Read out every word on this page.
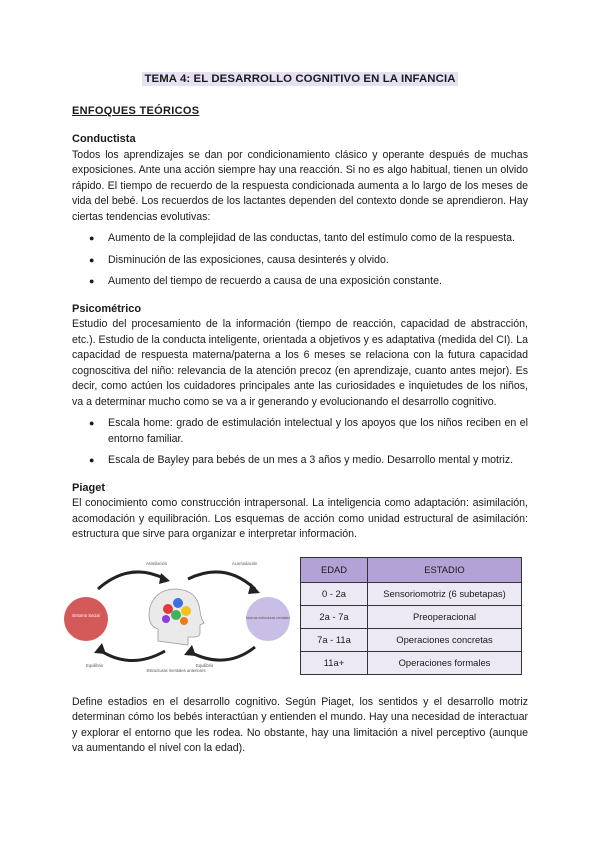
TEMA 4: EL DESARROLLO COGNITIVO EN LA INFANCIA
ENFOQUES TEÓRICOS
Conductista

Todos los aprendizajes se dan por condicionamiento clásico y operante después de muchas exposiciones. Ante una acción siempre hay una reacción. Si no es algo habitual, tienen un olvido rápido. El tiempo de recuerdo de la respuesta condicionada aumenta a lo largo de los meses de vida del bebé. Los recuerdos de los lactantes dependen del contexto donde se aprendieron. Hay ciertas tendencias evolutivas:

● Aumento de la complejidad de las conductas, tanto del estímulo como de la respuesta.
● Disminución de las exposiciones, causa desinterés y olvido.
● Aumento del tiempo de recuerdo a causa de una exposición constante.
Psicométrico

Estudio del procesamiento de la información (tiempo de reacción, capacidad de abstracción, etc.). Estudio de la conducta inteligente, orientada a objetivos y es adaptativa (medida del CI). La capacidad de respuesta materna/paterna a los 6 meses se relaciona con la futura capacidad cognoscitiva del niño: relevancia de la atención precoz (en aprendizaje, cuanto antes mejor). Es decir, como actúen los cuidadores principales ante las curiosidades e inquietudes de los niños, va a determinar mucho como se va a ir generando y evolucionando el desarrollo cognitivo.

● Escala home: grado de estimulación intelectual y los apoyos que los niños reciben en el entorno familiar.
● Escala de Bayley para bebés de un mes a 3 años y medio. Desarrollo mental y motriz.
Piaget

El conocimiento como construcción intrapersonal. La inteligencia como adaptación: asimilación, acomodación y equilibración. Los esquemas de acción como unidad estructural de asimilación: estructura que sirve para organizar e interpretar información.

Entorno Social	Nuevas estructuras mentales
Asimilación	Acomodación
Equilibrio	Equilibrio
Estructuras mentales anteriores
EDAD	ESTADIO
0 - 2a	Sensoriomotriz (6 subetapas)
2a - 7a	Preoperacional
7a - 11a	Operaciones concretas
11a+	Operaciones formales

Define estadios en el desarrollo cognitivo. Según Piaget, los sentidos y el desarrollo motriz determinan cómo los bebés interactúan y entienden el mundo. Hay una necesidad de interactuar y explorar el entorno que les rodea. No obstante, hay una limitación a nivel perceptivo (aunque va aumentando el nivel con la edad).
